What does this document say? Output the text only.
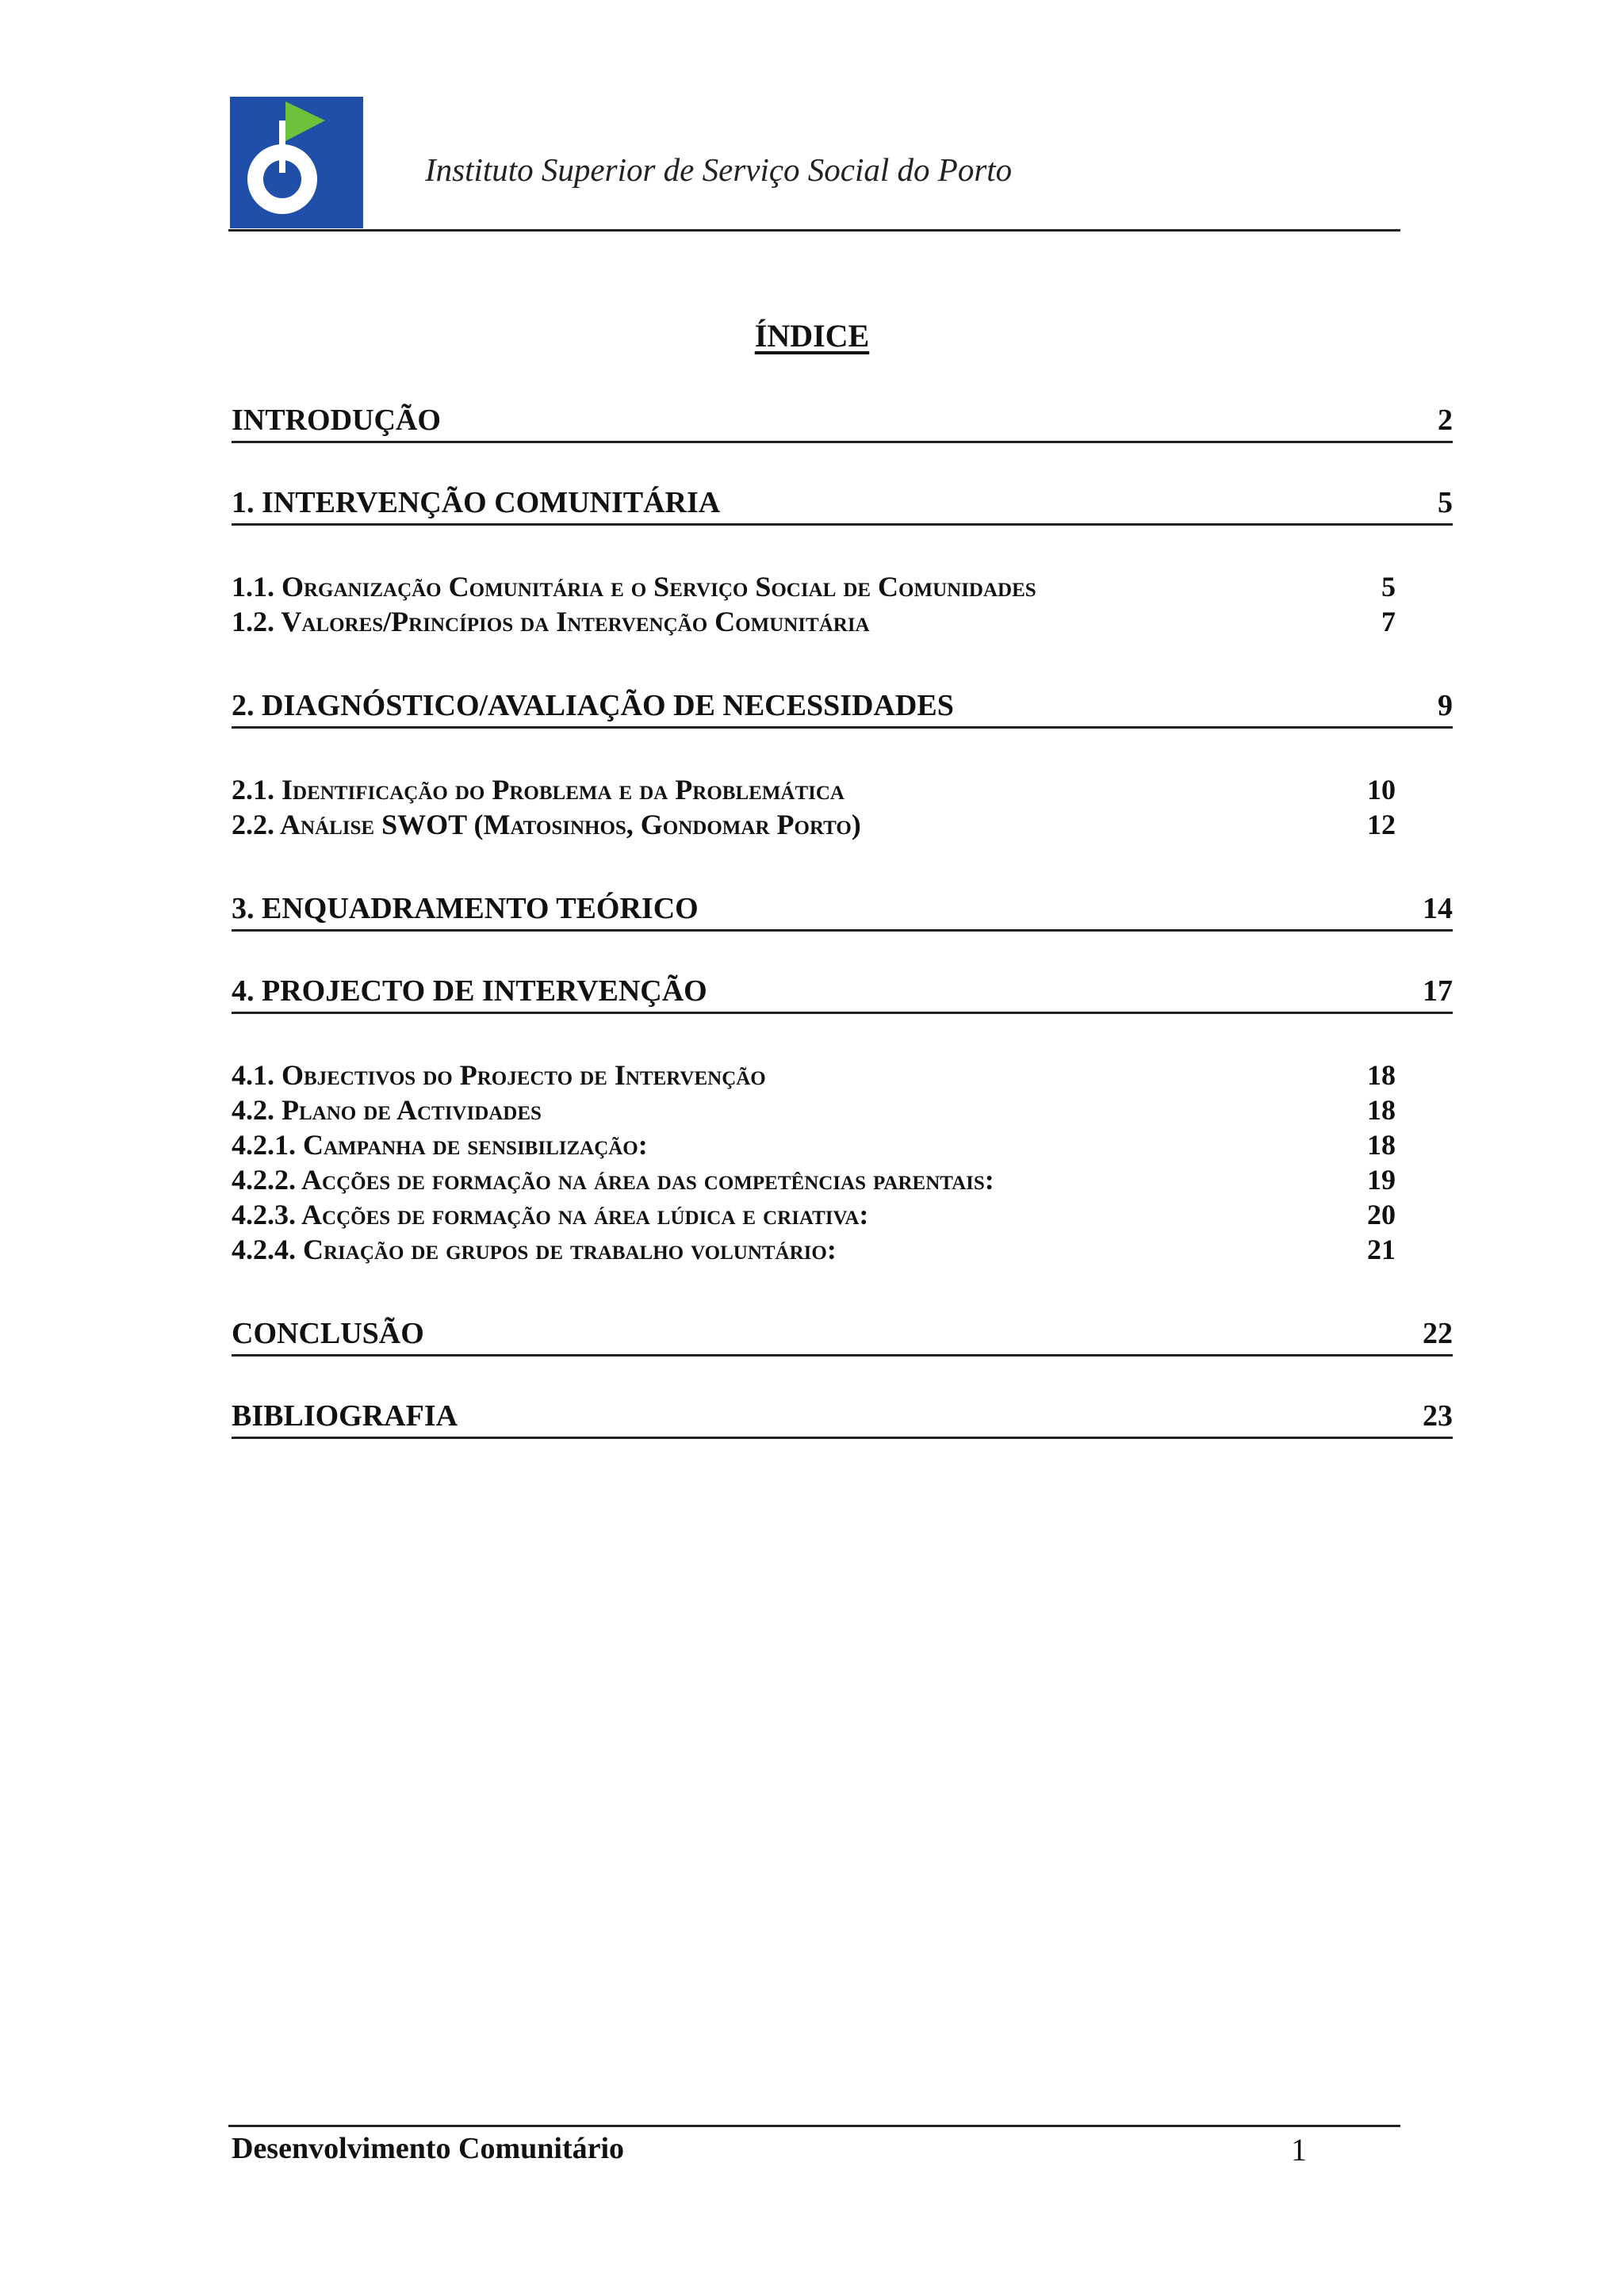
Instituto Superior de Serviço Social do Porto
ÍNDICE
INTRODUÇÃO	2
1. INTERVENÇÃO COMUNITÁRIA	5
1.1. Organização Comunitária e o Serviço Social de Comunidades	5
1.2. Valores/Princípios da Intervenção Comunitária	7
2. DIAGNÓSTICO/AVALIAÇÃO DE NECESSIDADES	9
2.1. Identificação do Problema e da Problemática	10
2.2. Análise SWOT (Matosinhos, Gondomar Porto)	12
3. ENQUADRAMENTO TEÓRICO	14
4. PROJECTO DE INTERVENÇÃO	17
4.1. Objectivos do Projecto de Intervenção	18
4.2. Plano de Actividades	18
4.2.1. Campanha de sensibilização:	18
4.2.2. Acções de formação na área das competências parentais:	19
4.2.3. Acções de formação na área lúdica e criativa:	20
4.2.4. Criação de grupos de trabalho voluntário:	21
CONCLUSÃO	22
BIBLIOGRAFIA	23
Desenvolvimento Comunitário	1
